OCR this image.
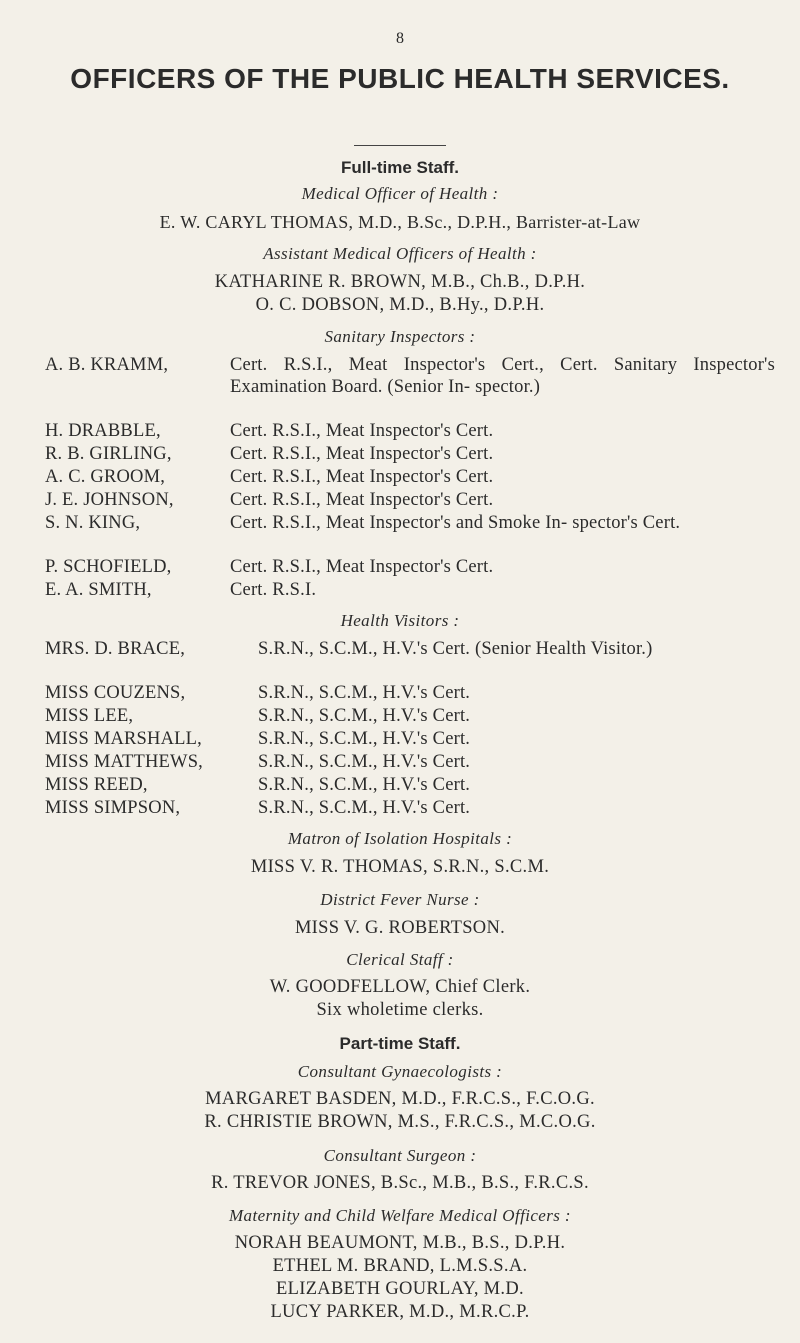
8
OFFICERS OF THE PUBLIC HEALTH SERVICES.
Full-time Staff.
Medical Officer of Health :
E. W. CARYL THOMAS, M.D., B.Sc., D.P.H., Barrister-at-Law
Assistant Medical Officers of Health :
KATHARINE R. BROWN, M.B., Ch.B., D.P.H.
O. C. DOBSON, M.D., B.Hy., D.P.H.
Sanitary Inspectors :
A. B. KRAMM,	Cert. R.S.I., Meat Inspector's Cert., Cert. Sanitary Inspector's Examination Board. (Senior In- spector.)
H. DRABBLE,	Cert. R.S.I., Meat Inspector's Cert.
R. B. GIRLING,	Cert. R.S.I., Meat Inspector's Cert.
A. C. GROOM,	Cert. R.S.I., Meat Inspector's Cert.
J. E. JOHNSON,	Cert. R.S.I., Meat Inspector's Cert.
S. N. KING,	Cert. R.S.I., Meat Inspector's and Smoke In- spector's Cert.
P. SCHOFIELD,	Cert. R.S.I., Meat Inspector's Cert.
E. A. SMITH,	Cert. R.S.I.
Health Visitors :
MRS. D. BRACE,	S.R.N., S.C.M., H.V.'s Cert. (Senior Health Visitor.)
MISS COUZENS,	S.R.N., S.C.M., H.V.'s Cert.
MISS LEE,	S.R.N., S.C.M., H.V.'s Cert.
MISS MARSHALL,	S.R.N., S.C.M., H.V.'s Cert.
MISS MATTHEWS,	S.R.N., S.C.M., H.V.'s Cert.
MISS REED,	S.R.N., S.C.M., H.V.'s Cert.
MISS SIMPSON,	S.R.N., S.C.M., H.V.'s Cert.
Matron of Isolation Hospitals :
MISS V. R. THOMAS, S.R.N., S.C.M.
District Fever Nurse :
MISS V. G. ROBERTSON.
Clerical Staff :
W. GOODFELLOW, Chief Clerk.
Six wholetime clerks.
Part-time Staff.
Consultant Gynaecologists :
MARGARET BASDEN, M.D., F.R.C.S., F.C.O.G.
R. CHRISTIE BROWN, M.S., F.R.C.S., M.C.O.G.
Consultant Surgeon :
R. TREVOR JONES, B.Sc., M.B., B.S., F.R.C.S.
Maternity and Child Welfare Medical Officers :
NORAH BEAUMONT, M.B., B.S., D.P.H.
ETHEL M. BRAND, L.M.S.S.A.
ELIZABETH GOURLAY, M.D.
LUCY PARKER, M.D., M.R.C.P.
